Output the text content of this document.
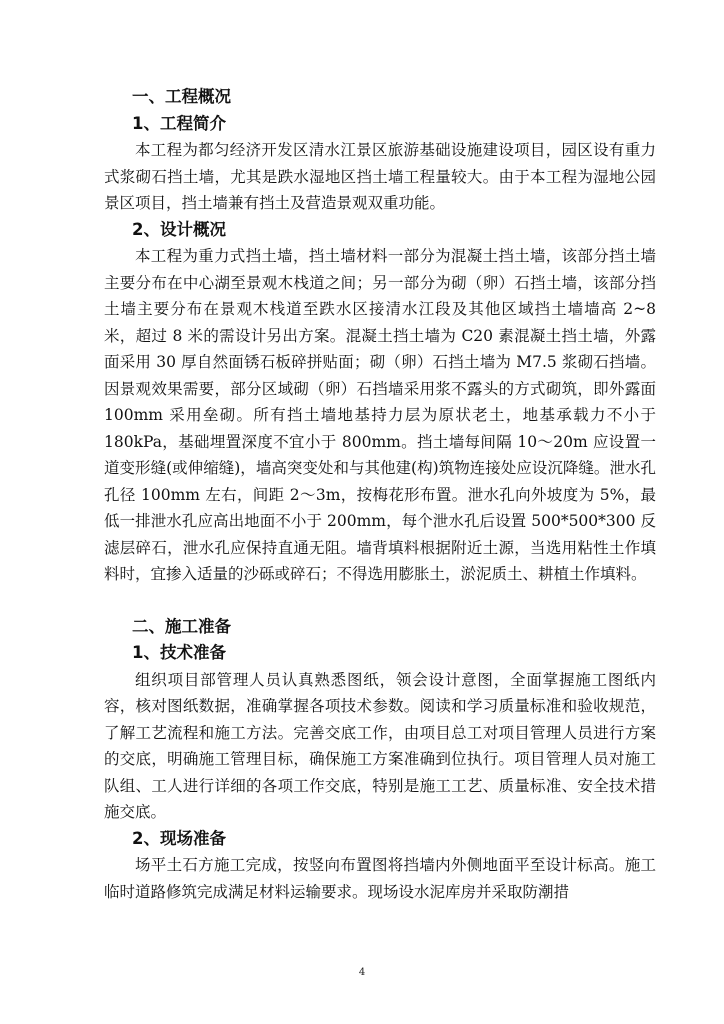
一、工程概况
1、工程简介

本工程为都匀经济开发区清水江景区旅游基础设施建设项目，园区设有重力式浆砌石挡土墙，尤其是跌水湿地区挡土墙工程量较大。由于本工程为湿地公园景区项目，挡土墙兼有挡土及营造景观双重功能。

2、设计概况

本工程为重力式挡土墙，挡土墙材料一部分为混凝土挡土墙，该部分挡土墙主要分布在中心湖至景观木栈道之间；另一部分为砌（卵）石挡土墙，该部分挡土墙主要分布在景观木栈道至跌水区接清水江段及其他区域挡土墙墙高 2~8 米，超过 8 米的需设计另出方案。混凝土挡土墙为 C20 素混凝土挡土墙，外露面采用 30 厚自然面锈石板碎拼贴面；砌（卵）石挡土墙为 M7.5 浆砌石挡墙。因景观效果需要，部分区域砌（卵）石挡墙采用浆不露头的方式砌筑，即外露面 100mm 采用垒砌。所有挡土墙地基持力层为原状老土，地基承载力不小于 180kPa，基础埋置深度不宜小于 800mm。挡土墙每间隔 10～20m 应设置一道变形缝(或伸缩缝)，墙高突变处和与其他建(构)筑物连接处应设沉降缝。泄水孔孔径 100mm 左右，间距 2～3m，按梅花形布置。泄水孔向外坡度为 5%，最低一排泄水孔应高出地面不小于 200mm，每个泄水孔后设置 500*500*300 反滤层碎石，泄水孔应保持直通无阻。墙背填料根据附近土源，当选用粘性土作填料时，宜掺入适量的沙砾或碎石；不得选用膨胀土，淤泥质土、耕植土作填料。

二、施工准备
1、技术准备

组织项目部管理人员认真熟悉图纸，领会设计意图，全面掌握施工图纸内容，核对图纸数据，准确掌握各项技术参数。阅读和学习质量标准和验收规范，了解工艺流程和施工方法。完善交底工作，由项目总工对项目管理人员进行方案的交底，明确施工管理目标，确保施工方案准确到位执行。项目管理人员对施工队组、工人进行详细的各项工作交底，特别是施工工艺、质量标准、安全技术措施交底。

2、现场准备

场平土石方施工完成，按竖向布置图将挡墙内外侧地面平至设计标高。施工临时道路修筑完成满足材料运输要求。现场设水泥库房并采取防潮措

4
